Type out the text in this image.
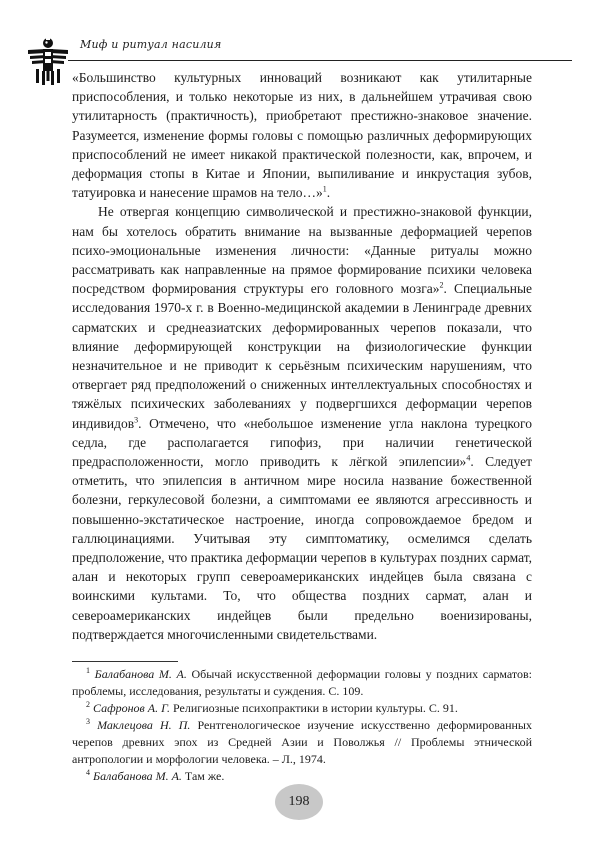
Миф и ритуал насилия

«Большинство культурных инноваций возникают как утилитарные приспособления, и только некоторые из них, в дальнейшем утрачивая свою утилитарность (практичность), приобретают престижно-знаковое значение. Разумеется, изменение формы головы с помощью различных деформирующих приспособлений не имеет никакой практической полезности, как, впрочем, и деформация стопы в Китае и Японии, выпиливание и инкрустация зубов, татуировка и нанесение шрамов на тело…»$^1$.

Не отвергая концепцию символической и престижно-знаковой функции, нам бы хотелось обратить внимание на вызванные деформацией черепов психо-эмоциональные изменения личности: «Данные ритуалы можно рассматривать как направленные на прямое формирование психики человека посредством формирования структуры его головного мозга»$^2$. Специальные исследования 1970-х г. в Военно-медицинской академии в Ленинграде древних сарматских и среднеазиатских деформированных черепов показали, что влияние деформирующей конструкции на физиологические функции незначительное и не приводит к серьёзным психическим нарушениям, что отвергает ряд предположений о сниженных интеллектуальных способностях и тяжёлых психических заболеваниях у подвергшихся деформации черепов индивидов$^3$. Отмечено, что «небольшое изменение угла наклона турецкого седла, где располагается гипофиз, при наличии генетической предрасположенности, могло приводить к лёгкой эпилепсии»$^4$. Следует отметить, что эпилепсия в античном мире носила название божественной болезни, геркулесовой болезни, а симптомами ее являются агрессивность и повышенно-экстатическое настроение, иногда сопровождаемое бредом и галлюцинациями. Учитывая эту симптоматику, осмелимся сделать предположение, что практика деформации черепов в культурах поздних сармат, алан и некоторых групп североамериканских индейцев была связана с воинскими культами. То, что общества поздних сармат, алан и североамериканских индейцев были предельно военизированы, подтверждается многочисленными свидетельствами.

$^1$ Балабанова М. А. Обычай искусственной деформации головы у поздних сарматов: проблемы, исследования, результаты и суждения. С. 109.

$^2$ Сафронов А. Г. Религиозные психопрактики в истории культуры. С. 91.

$^3$ Маклецова Н. П. Рентгенологическое изучение искусственно деформированных черепов древних эпох из Средней Азии и Поволжья // Проблемы этнической антропологии и морфологии человека. – Л., 1974.

$^4$ Балабанова М. А. Там же.

198
